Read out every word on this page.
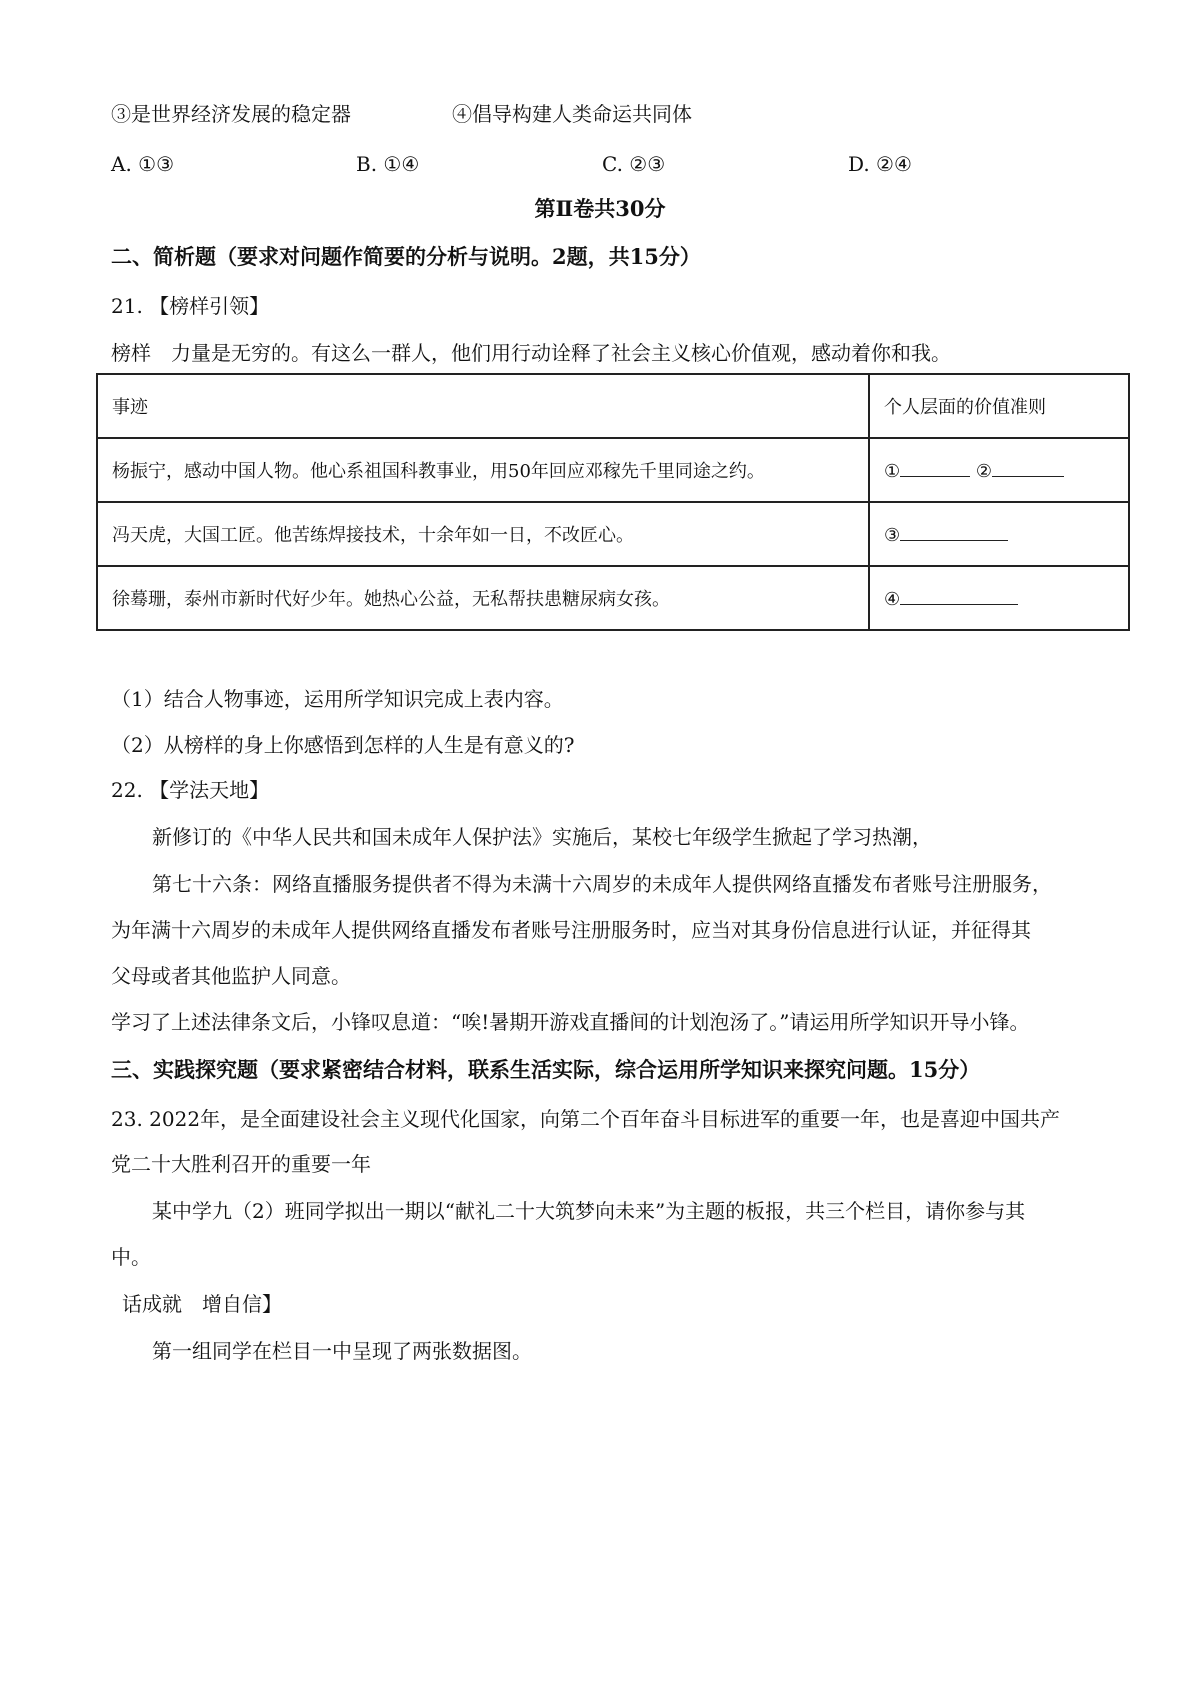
③是世界经济发展的稳定器	④倡导构建人类命运共同体
A. ①③	B. ①④	C. ②③	D. ②④
第Ⅱ卷共30分
二、简析题（要求对问题作简要的分析与说明。2题，共15分）
21. 【榜样引领】
榜样　力量是无穷的。有这么一群人，他们用行动诠释了社会主义核心价值观，感动着你和我。
事迹	个人层面的价值准则
杨振宁，感动中国人物。他心系祖国科教事业，用50年回应邓稼先千里同途之约。	① ②
冯天虎，大国工匠。他苦练焊接技术，十余年如一日，不改匠心。	③
徐蓦珊，泰州市新时代好少年。她热心公益，无私帮扶患糖尿病女孩。	④
（1）结合人物事迹，运用所学知识完成上表内容。
（2）从榜样的身上你感悟到怎样的人生是有意义的?
22. 【学法天地】
新修订的《中华人民共和国未成年人保护法》实施后，某校七年级学生掀起了学习热潮，
第七十六条：网络直播服务提供者不得为未满十六周岁的未成年人提供网络直播发布者账号注册服务，
为年满十六周岁的未成年人提供网络直播发布者账号注册服务时，应当对其身份信息进行认证，并征得其
父母或者其他监护人同意。
学习了上述法律条文后，小锋叹息道：“唉!暑期开游戏直播间的计划泡汤了。”请运用所学知识开导小锋。
三、实践探究题（要求紧密结合材料，联系生活实际，综合运用所学知识来探究问题。15分）
23. 2022年，是全面建设社会主义现代化国家，向第二个百年奋斗目标进军的重要一年，也是喜迎中国共产
党二十大胜利召开的重要一年
某中学九（2）班同学拟出一期以“献礼二十大筑梦向未来”为主题的板报，共三个栏目，请你参与其
中。
话成就　增自信】
第一组同学在栏目一中呈现了两张数据图。
